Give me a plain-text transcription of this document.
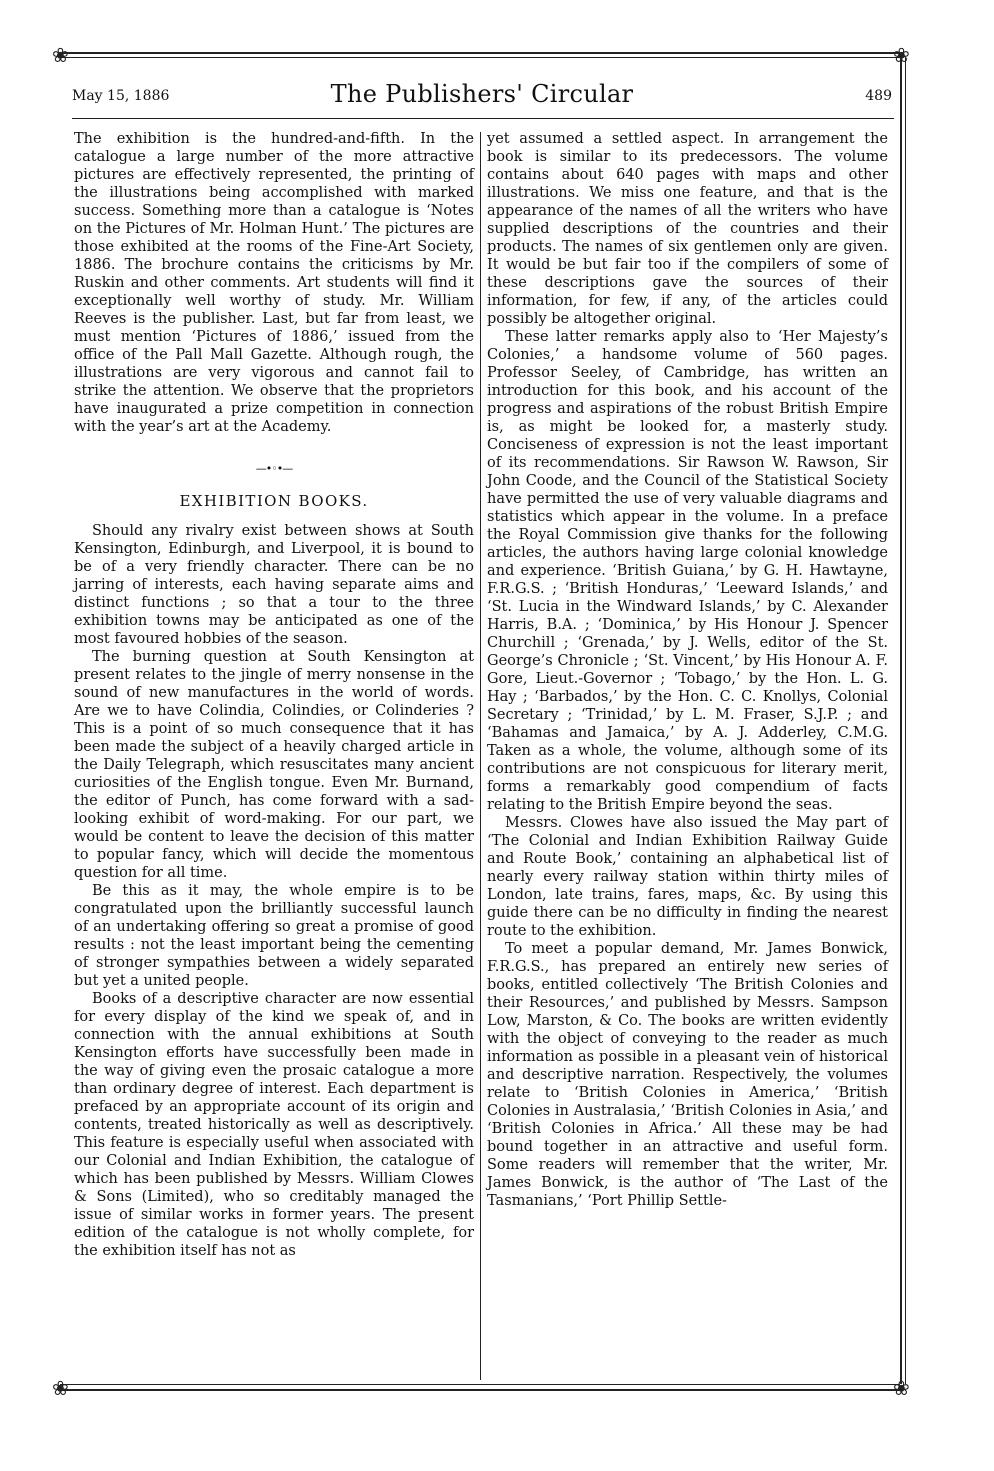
❀	❀
❀	❀
May 15, 1886	The Publishers' Circular	489

The exhibition is the hundred-and-fifth. In the catalogue a large number of the more attractive pictures are effectively represented, the printing of the illustrations being accomplished with marked success. Something more than a catalogue is ‘Notes on the Pictures of Mr. Holman Hunt.’ The pictures are those exhibited at the rooms of the Fine-Art Society, 1886. The brochure contains the criticisms by Mr. Ruskin and other comments. Art students will find it exceptionally well worthy of study. Mr. William Reeves is the publisher. Last, but far from least, we must mention ‘Pictures of 1886,’ issued from the office of the Pall Mall Gazette. Although rough, the illustrations are very vigorous and cannot fail to strike the attention. We observe that the proprietors have inaugurated a prize competition in connection with the year’s art at the Academy.

—•◦•—
EXHIBITION BOOKS.

Should any rivalry exist between shows at South Kensington, Edinburgh, and Liverpool, it is bound to be of a very friendly character. There can be no jarring of interests, each having separate aims and distinct functions ; so that a tour to the three exhibition towns may be anticipated as one of the most favoured hobbies of the season.

The burning question at South Kensington at present relates to the jingle of merry nonsense in the sound of new manufactures in the world of words. Are we to have Colindia, Colindies, or Colinderies ? This is a point of so much consequence that it has been made the subject of a heavily charged article in the Daily Telegraph, which resuscitates many ancient curiosities of the English tongue. Even Mr. Burnand, the editor of Punch, has come forward with a sad-looking exhibit of word-making. For our part, we would be content to leave the decision of this matter to popular fancy, which will decide the momentous question for all time.

Be this as it may, the whole empire is to be congratulated upon the brilliantly successful launch of an undertaking offering so great a promise of good results : not the least important being the cementing of stronger sympathies between a widely separated but yet a united people.

Books of a descriptive character are now essential for every display of the kind we speak of, and in connection with the annual exhibitions at South Kensington efforts have successfully been made in the way of giving even the prosaic catalogue a more than ordinary degree of interest. Each department is prefaced by an appropriate account of its origin and contents, treated historically as well as descriptively. This feature is especially useful when associated with our Colonial and Indian Exhibition, the catalogue of which has been published by Messrs. William Clowes & Sons (Limited), who so creditably managed the issue of similar works in former years. The present edition of the catalogue is not wholly complete, for the exhibition itself has not as

yet assumed a settled aspect. In arrangement the book is similar to its predecessors. The volume contains about 640 pages with maps and other illustrations. We miss one feature, and that is the appearance of the names of all the writers who have supplied descriptions of the countries and their products. The names of six gentlemen only are given. It would be but fair too if the compilers of some of these descriptions gave the sources of their information, for few, if any, of the articles could possibly be altogether original.

These latter remarks apply also to ‘Her Majesty’s Colonies,’ a handsome volume of 560 pages. Professor Seeley, of Cambridge, has written an introduction for this book, and his account of the progress and aspirations of the robust British Empire is, as might be looked for, a masterly study. Conciseness of expression is not the least important of its recommendations. Sir Rawson W. Rawson, Sir John Coode, and the Council of the Statistical Society have permitted the use of very valuable diagrams and statistics which appear in the volume. In a preface the Royal Commission give thanks for the following articles, the authors having large colonial knowledge and experience. ‘British Guiana,’ by G. H. Hawtayne, F.R.G.S. ; ‘British Honduras,’ ‘Leeward Islands,’ and ‘St. Lucia in the Windward Islands,’ by C. Alexander Harris, B.A. ; ‘Dominica,’ by His Honour J. Spencer Churchill ; ‘Grenada,’ by J. Wells, editor of the St. George’s Chronicle ; ‘St. Vincent,’ by His Honour A. F. Gore, Lieut.-Governor ; ‘Tobago,’ by the Hon. L. G. Hay ; ‘Barbados,’ by the Hon. C. C. Knollys, Colonial Secretary ; ‘Trinidad,’ by L. M. Fraser, S.J.P. ; and ‘Bahamas and Jamaica,’ by A. J. Adderley, C.M.G. Taken as a whole, the volume, although some of its contributions are not conspicuous for literary merit, forms a remarkably good compendium of facts relating to the British Empire beyond the seas.

Messrs. Clowes have also issued the May part of ‘The Colonial and Indian Exhibition Railway Guide and Route Book,’ containing an alphabetical list of nearly every railway station within thirty miles of London, late trains, fares, maps, &c. By using this guide there can be no difficulty in finding the nearest route to the exhibition.

To meet a popular demand, Mr. James Bonwick, F.R.G.S., has prepared an entirely new series of books, entitled collectively ‘The British Colonies and their Resources,’ and published by Messrs. Sampson Low, Marston, & Co. The books are written evidently with the object of conveying to the reader as much information as possible in a pleasant vein of historical and descriptive narration. Respectively, the volumes relate to ‘British Colonies in America,’ ‘British Colonies in Australasia,’ ‘British Colonies in Asia,’ and ‘British Colonies in Africa.’ All these may be had bound together in an attractive and useful form. Some readers will remember that the writer, Mr. James Bonwick, is the author of ‘The Last of the Tasmanians,’ ‘Port Phillip Settle-
